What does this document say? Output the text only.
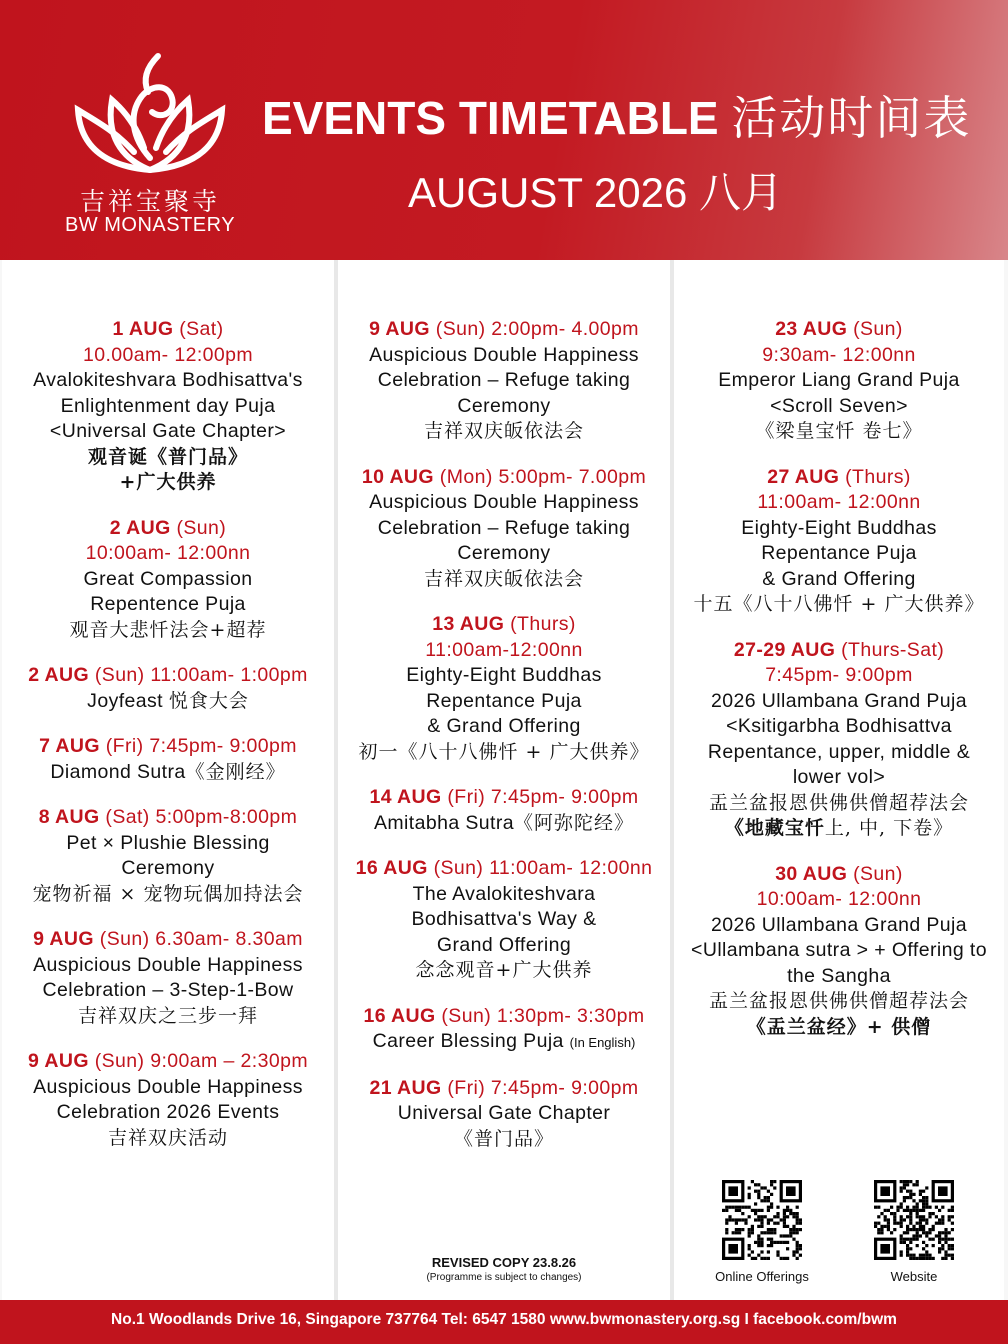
吉祥宝聚寺
BW MONASTERY
EVENTS TIMETABLE 活动时间表
AUGUST 2026 八月
1 AUG (Sat)
10.00am- 12:00pm
Avalokiteshvara Bodhisattva's
Enlightenment day Puja
<Universal Gate Chapter>
观音诞《普门品》
+广大供养
2 AUG (Sun)
10:00am- 12:00nn
Great Compassion
Repentence Puja
观音大悲忏法会+超荐
2 AUG (Sun) 11:00am- 1:00pm
Joyfeast 悦食大会
7 AUG (Fri) 7:45pm- 9:00pm
Diamond Sutra《金刚经》
8 AUG (Sat) 5:00pm-8:00pm
Pet × Plushie Blessing
Ceremony
宠物祈福 × 宠物玩偶加持法会
9 AUG (Sun) 6.30am- 8.30am
Auspicious Double Happiness
Celebration – 3-Step-1-Bow
吉祥双庆之三步一拜
9 AUG (Sun) 9:00am – 2:30pm
Auspicious Double Happiness
Celebration 2026 Events
吉祥双庆活动
9 AUG (Sun) 2:00pm- 4.00pm
Auspicious Double Happiness
Celebration – Refuge taking
Ceremony
吉祥双庆皈依法会
10 AUG (Mon) 5:00pm- 7.00pm
Auspicious Double Happiness
Celebration – Refuge taking
Ceremony
吉祥双庆皈依法会
13 AUG (Thurs)
11:00am-12:00nn
Eighty-Eight Buddhas
Repentance Puja
& Grand Offering
初一《八十八佛忏 + 广大供养》
14 AUG (Fri) 7:45pm- 9:00pm
Amitabha Sutra《阿弥陀经》
16 AUG (Sun) 11:00am- 12:00nn
The Avalokiteshvara
Bodhisattva's Way &
Grand Offering
念念观音+广大供养
16 AUG (Sun) 1:30pm- 3:30pm
Career Blessing Puja (In English)
21 AUG (Fri) 7:45pm- 9:00pm
Universal Gate Chapter
《普门品》
REVISED COPY 23.8.26
(Programme is subject to changes)
23 AUG (Sun)
9:30am- 12:00nn
Emperor Liang Grand Puja
<Scroll Seven>
《梁皇宝忏 卷七》
27 AUG (Thurs)
11:00am- 12:00nn
Eighty-Eight Buddhas
Repentance Puja
& Grand Offering
十五《八十八佛忏 + 广大供养》
27-29 AUG (Thurs-Sat)
7:45pm- 9:00pm
2026 Ullambana Grand Puja
<Ksitigarbha Bodhisattva
Repentance, upper, middle &
lower vol>
盂兰盆报恩供佛供僧超荐法会
《地藏宝忏上, 中, 下卷》
30 AUG (Sun)
10:00am- 12:00nn
2026 Ullambana Grand Puja
<Ullambana sutra > + Offering to
the Sangha
盂兰盆报恩供佛供僧超荐法会
《盂兰盆经》+ 供僧
Online Offerings	Website
No.1 Woodlands Drive 16, Singapore 737764 Tel: 6547 1580 www.bwmonastery.org.sg I facebook.com/bwm
